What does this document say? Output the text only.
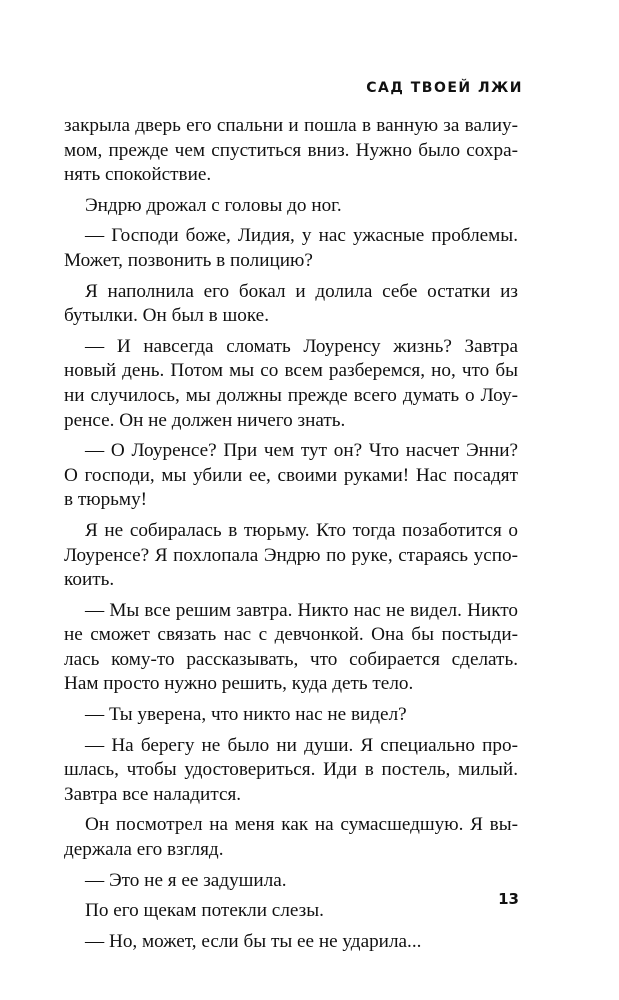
САД ТВОЕЙ ЛЖИ

закрыла дверь его спальни и пошла в ванную за валиу-
мом, прежде чем спуститься вниз. Нужно было сохра-
нять спокойствие.

Эндрю дрожал с головы до ног.

— Господи боже, Лидия, у нас ужасные проблемы.
Может, позвонить в полицию?

Я наполнила его бокал и долила себе остатки из
бутылки. Он был в шоке.

— И навсегда сломать Лоуренсу жизнь? Завтра
новый день. Потом мы со всем разберемся, но, что бы
ни случилось, мы должны прежде всего думать о Лоу-
ренсе. Он не должен ничего знать.

— О Лоуренсе? При чем тут он? Что насчет Энни?
О господи, мы убили ее, своими руками! Нас посадят
в тюрьму!

Я не собиралась в тюрьму. Кто тогда позаботится о
Лоуренсе? Я похлопала Эндрю по руке, стараясь успо-
коить.

— Мы все решим завтра. Никто нас не видел. Никто
не сможет связать нас с девчонкой. Она бы постыди-
лась кому-то рассказывать, что собирается сделать.
Нам просто нужно решить, куда деть тело.

— Ты уверена, что никто нас не видел?

— На берегу не было ни души. Я специально про-
шлась, чтобы удостовериться. Иди в постель, милый.
Завтра все наладится.

Он посмотрел на меня как на сумасшедшую. Я вы-
держала его взгляд.

— Это не я ее задушила.

По его щекам потекли слезы.

— Но, может, если бы ты ее не ударила...

13
